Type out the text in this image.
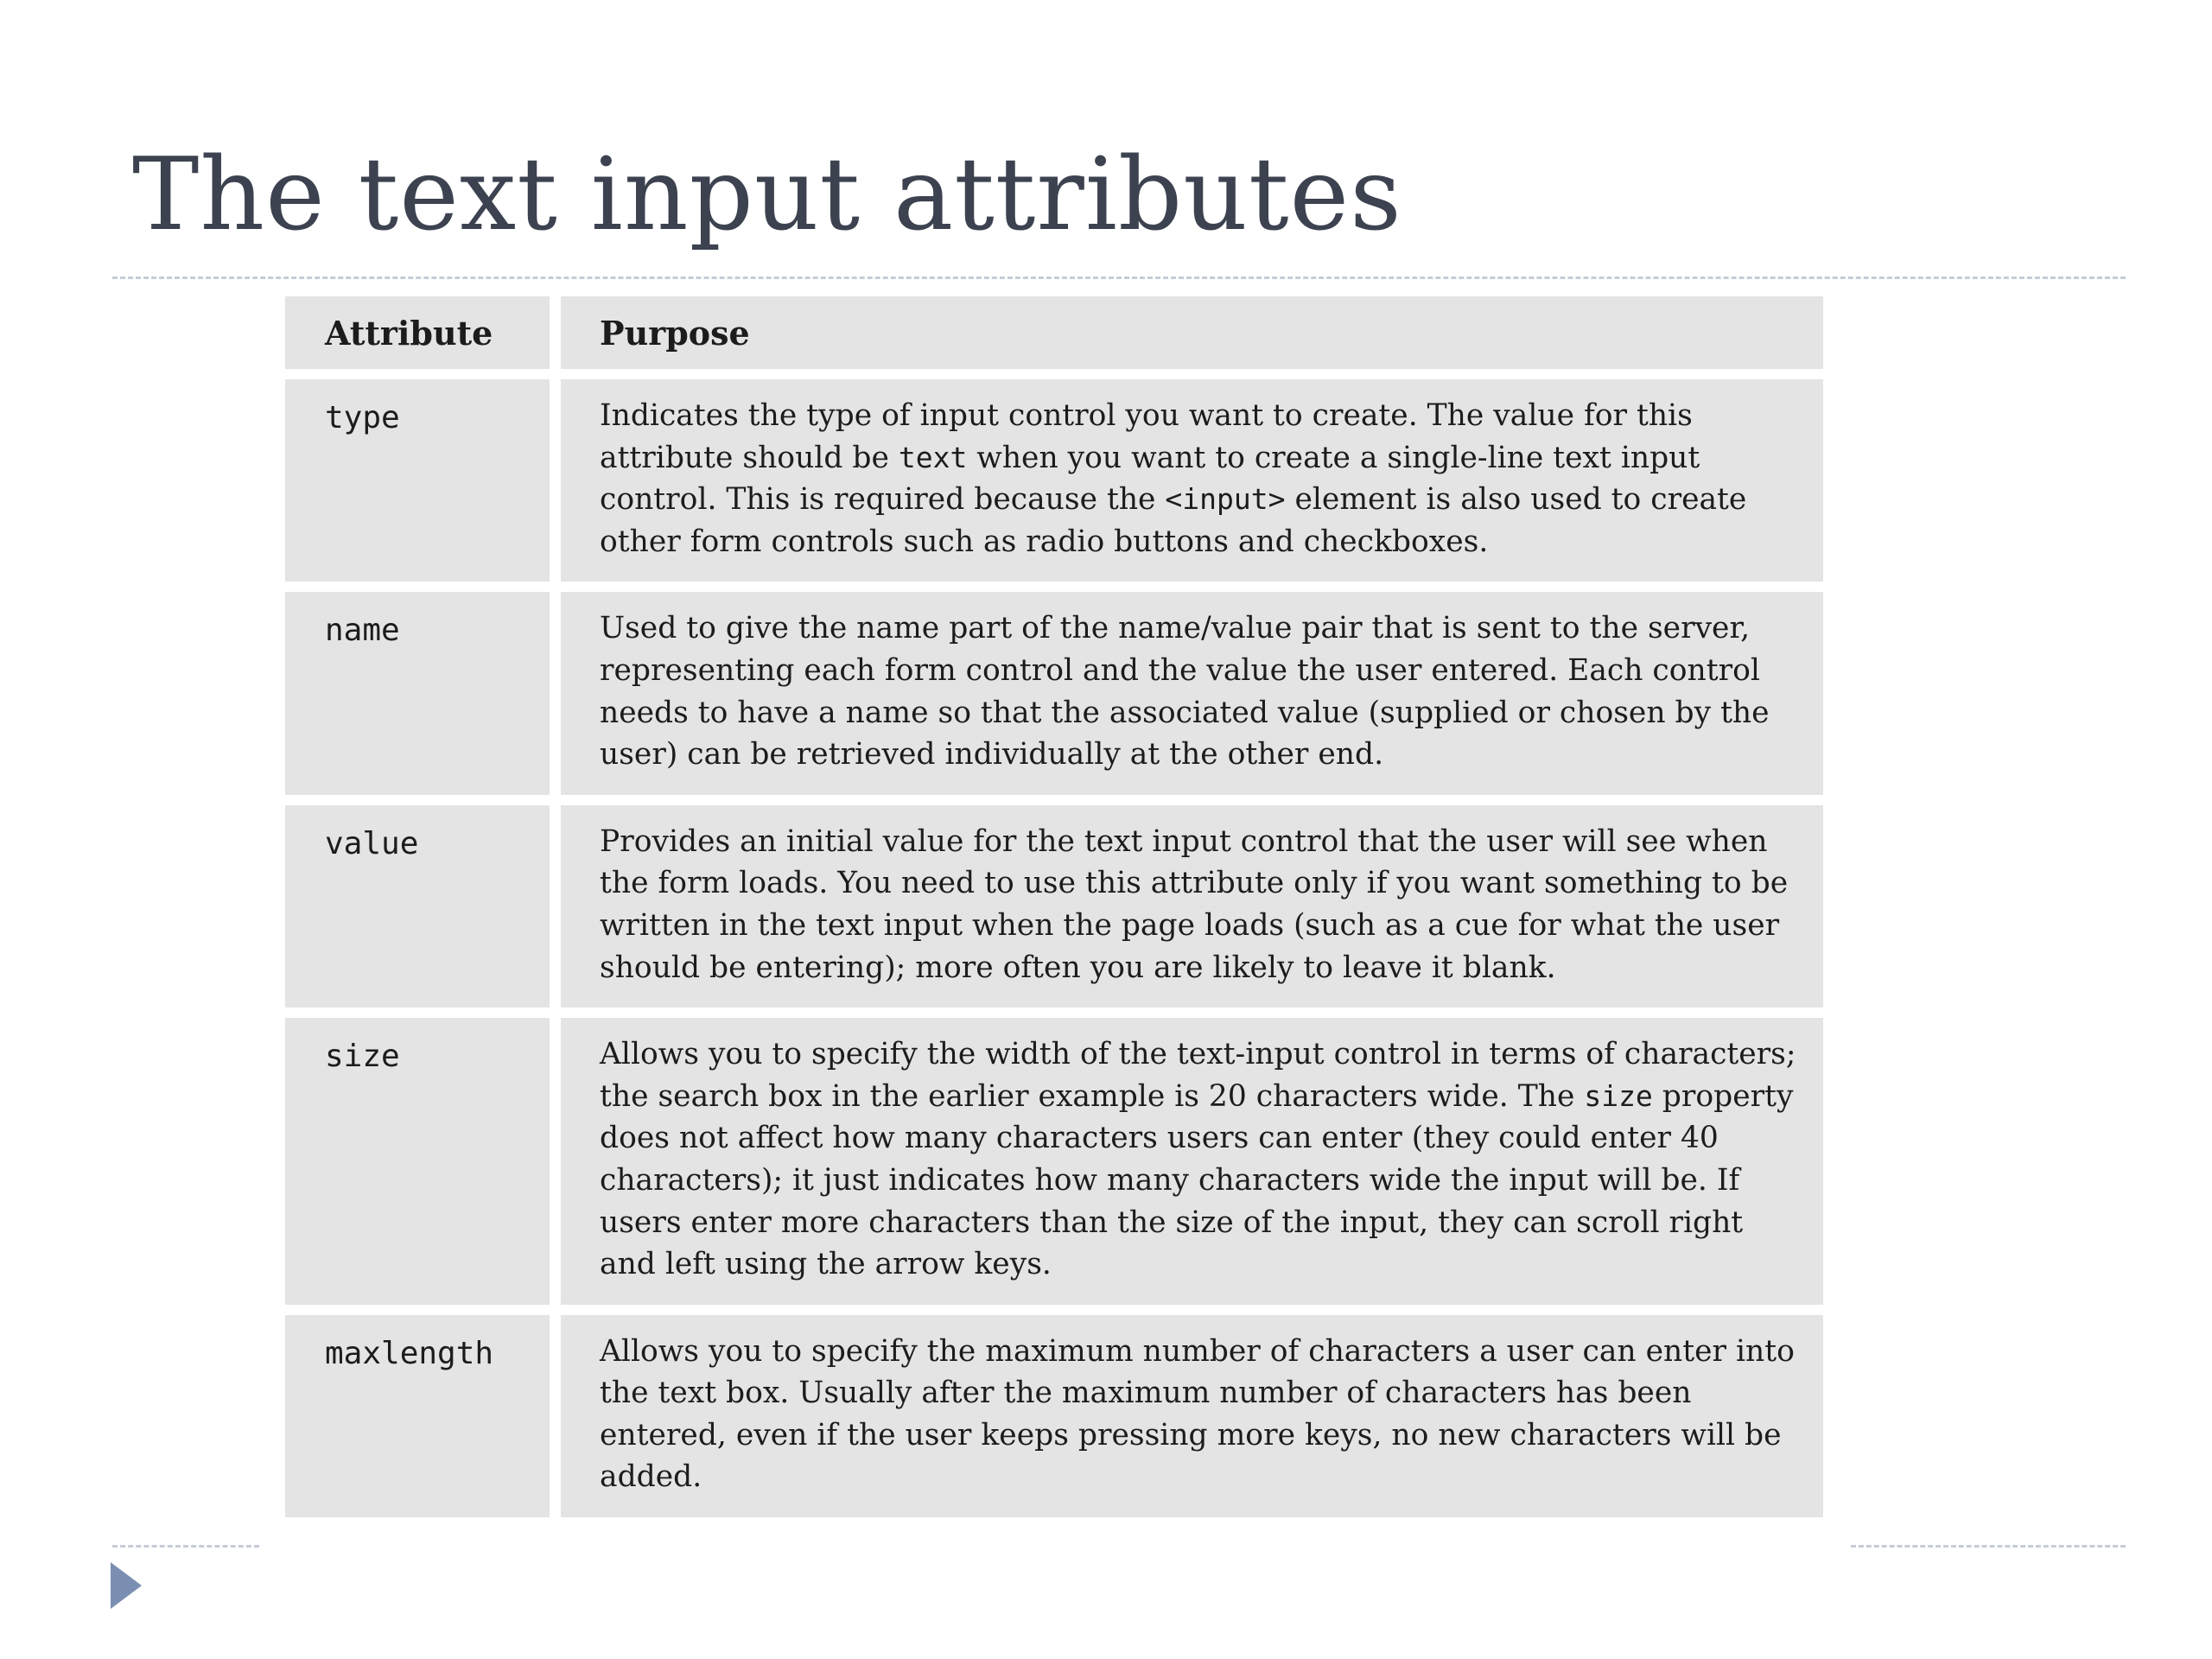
The text input attributes
Attribute	Purpose
type	Indicates the type of input control you want to create. The value for this attribute should be text when you want to create a single-line text input control. This is required because the <input> element is also used to create other form controls such as radio buttons and checkboxes.
name	Used to give the name part of the name/value pair that is sent to the server, representing each form control and the value the user entered. Each control needs to have a name so that the associated value (supplied or chosen by the user) can be retrieved individually at the other end.
value	Provides an initial value for the text input control that the user will see when the form loads. You need to use this attribute only if you want something to be written in the text input when the page loads (such as a cue for what the user should be entering); more often you are likely to leave it blank.
size	Allows you to specify the width of the text-input control in terms of characters; the search box in the earlier example is 20 characters wide. The size property does not affect how many characters users can enter (they could enter 40 characters); it just indicates how many characters wide the input will be. If users enter more characters than the size of the input, they can scroll right and left using the arrow keys.
maxlength	Allows you to specify the maximum number of characters a user can enter into the text box. Usually after the maximum number of characters has been entered, even if the user keeps pressing more keys, no new characters will be added.
